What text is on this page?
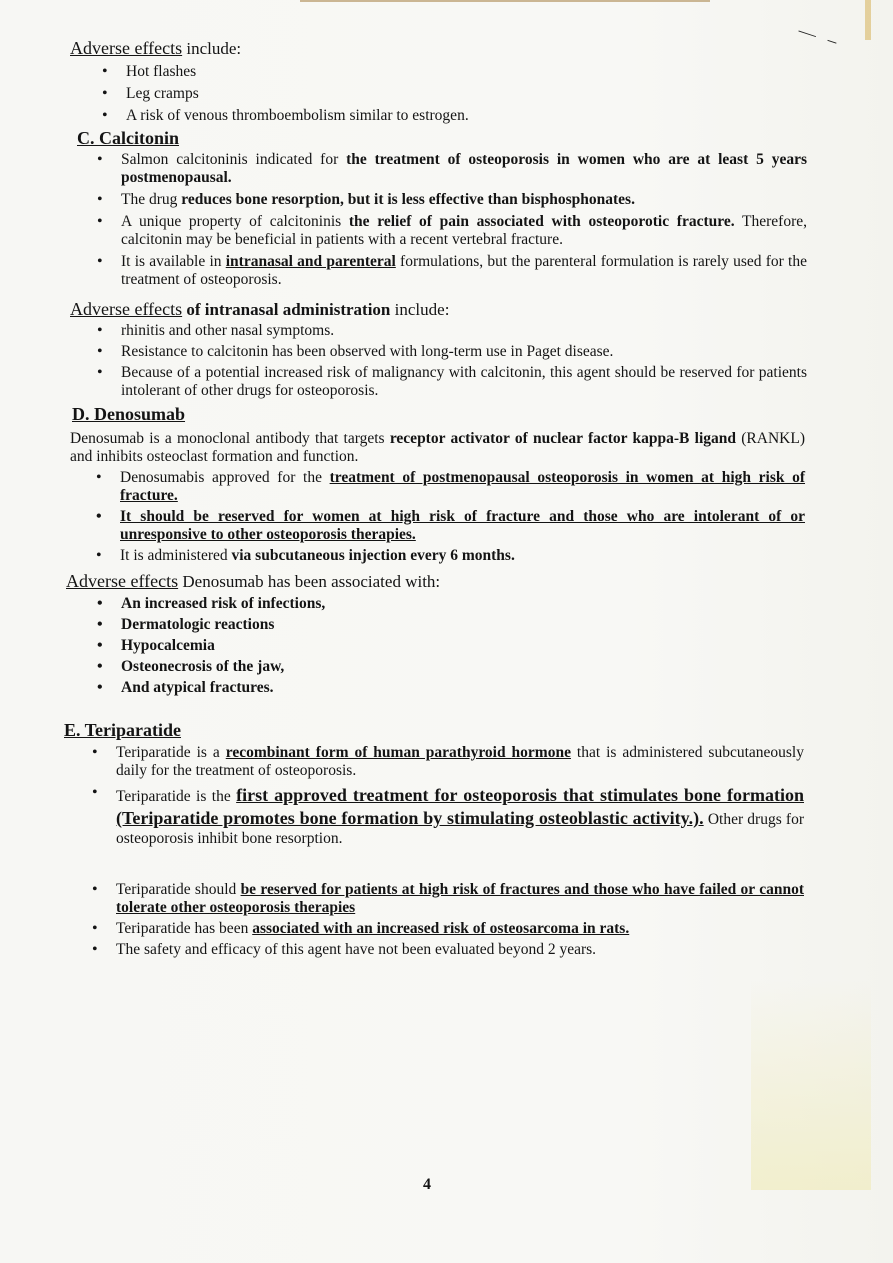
— –
Adverse effects include:
• Hot flashes
• Leg cramps
• A risk of venous thromboembolism similar to estrogen.
C. Calcitonin
• Salmon calcitoninis indicated for the treatment of osteoporosis in women who are at least 5 years postmenopausal.
• The drug reduces bone resorption, but it is less effective than bisphosphonates.
• A unique property of calcitoninis the relief of pain associated with osteoporotic fracture. Therefore, calcitonin may be beneficial in patients with a recent vertebral fracture.
• It is available in intranasal and parenteral formulations, but the parenteral formulation is rarely used for the treatment of osteoporosis.
Adverse effects of intranasal administration include:
• rhinitis and other nasal symptoms.
• Resistance to calcitonin has been observed with long-term use in Paget disease.
• Because of a potential increased risk of malignancy with calcitonin, this agent should be reserved for patients intolerant of other drugs for osteoporosis.
D. Denosumab
Denosumab is a monoclonal antibody that targets receptor activator of nuclear factor kappa-B ligand (RANKL) and inhibits osteoclast formation and function.
• Denosumabis approved for the treatment of postmenopausal osteoporosis in women at high risk of fracture.
• It should be reserved for women at high risk of fracture and those who are intolerant of or unresponsive to other osteoporosis therapies.
• It is administered via subcutaneous injection every 6 months.
Adverse effects Denosumab has been associated with:
• An increased risk of infections,
• Dermatologic reactions
• Hypocalcemia
• Osteonecrosis of the jaw,
• And atypical fractures.
E. Teriparatide
• Teriparatide is a recombinant form of human parathyroid hormone that is administered subcutaneously daily for the treatment of osteoporosis.
• Teriparatide is the first approved treatment for osteoporosis that stimulates bone formation (Teriparatide promotes bone formation by stimulating osteoblastic activity.). Other drugs for osteoporosis inhibit bone resorption.
• Teriparatide should be reserved for patients at high risk of fractures and those who have failed or cannot tolerate other osteoporosis therapies
• Teriparatide has been associated with an increased risk of osteosarcoma in rats.
• The safety and efficacy of this agent have not been evaluated beyond 2 years.
4
